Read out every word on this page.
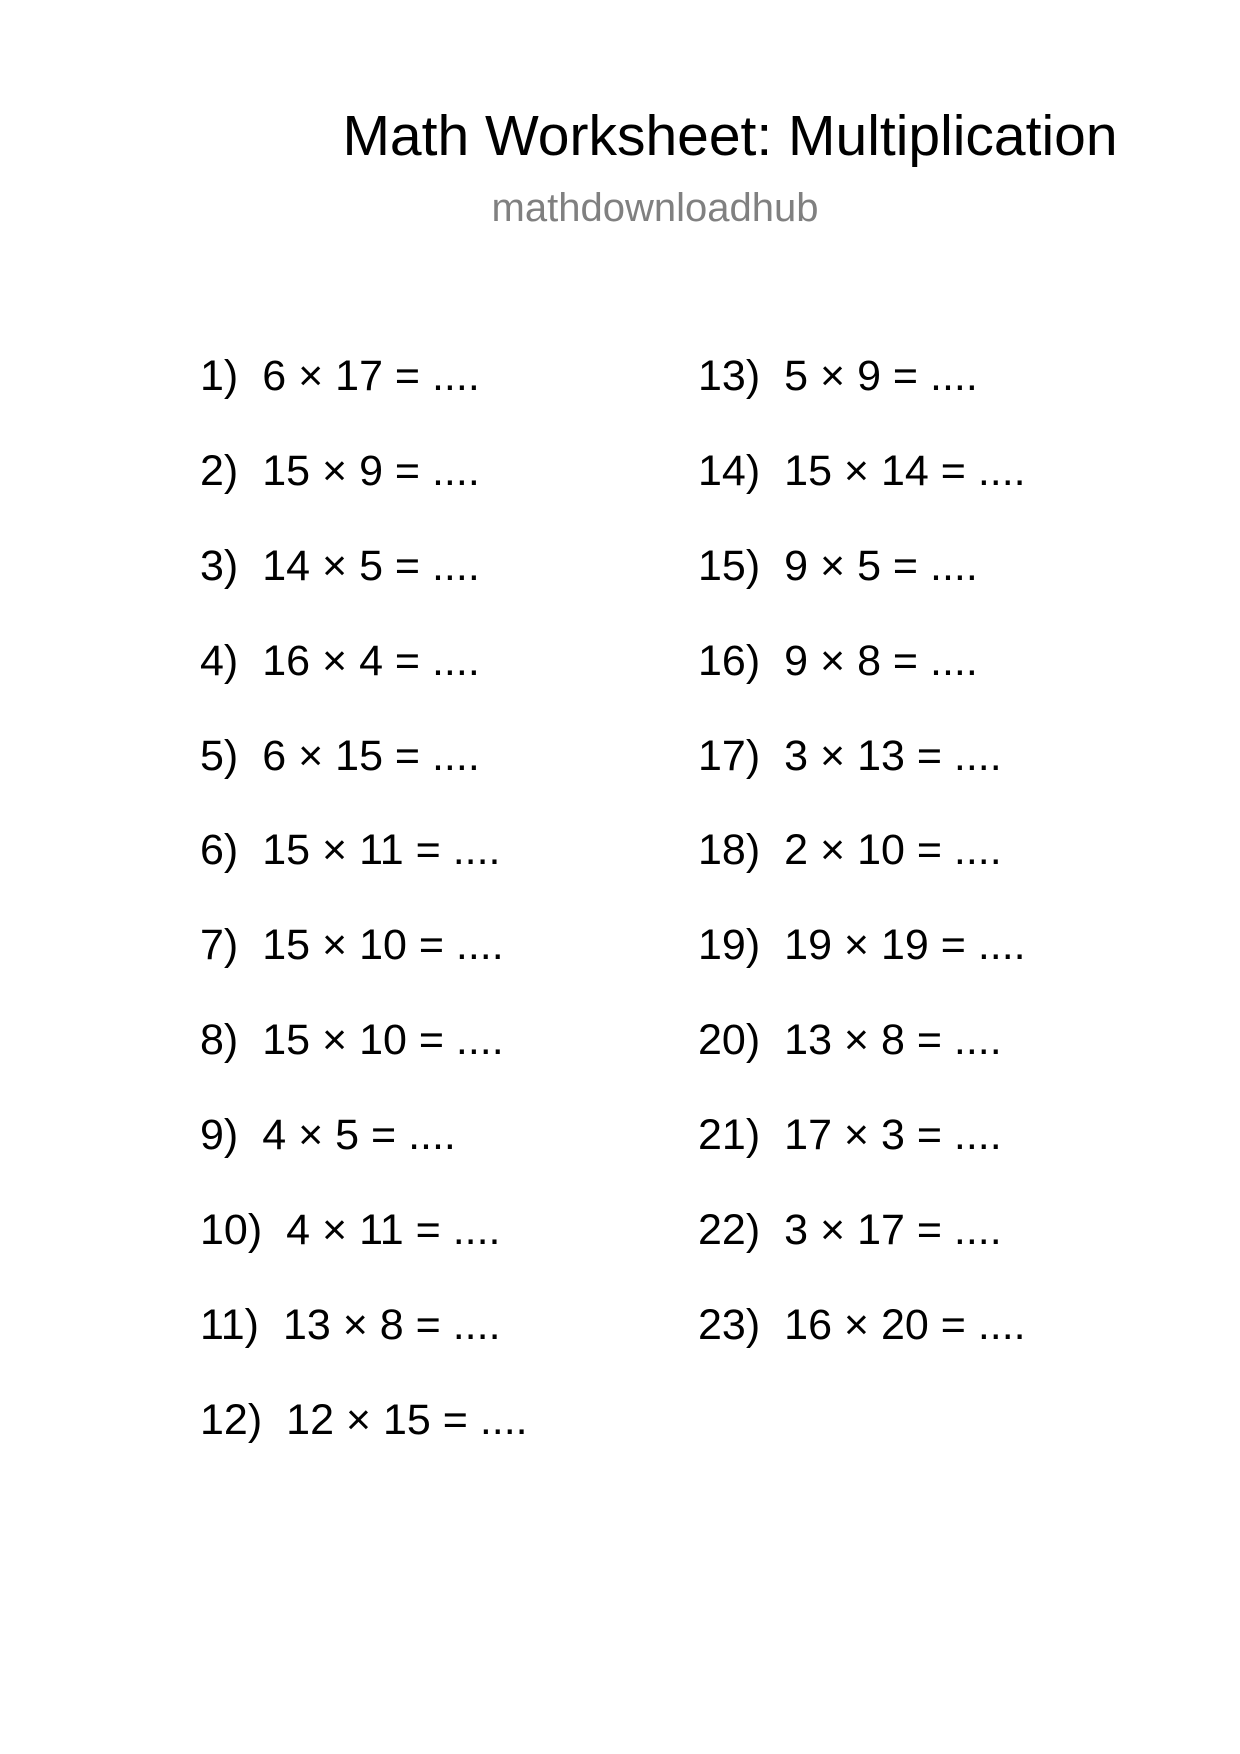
Math Worksheet: Multiplication
mathdownloadhub
1) 6 × 17 = ....
2) 15 × 9 = ....
3) 14 × 5 = ....
4) 16 × 4 = ....
5) 6 × 15 = ....
6) 15 × 11 = ....
7) 15 × 10 = ....
8) 15 × 10 = ....
9) 4 × 5 = ....
10) 4 × 11 = ....
11) 13 × 8 = ....
12) 12 × 15 = ....
13) 5 × 9 = ....
14) 15 × 14 = ....
15) 9 × 5 = ....
16) 9 × 8 = ....
17) 3 × 13 = ....
18) 2 × 10 = ....
19) 19 × 19 = ....
20) 13 × 8 = ....
21) 17 × 3 = ....
22) 3 × 17 = ....
23) 16 × 20 = ....
